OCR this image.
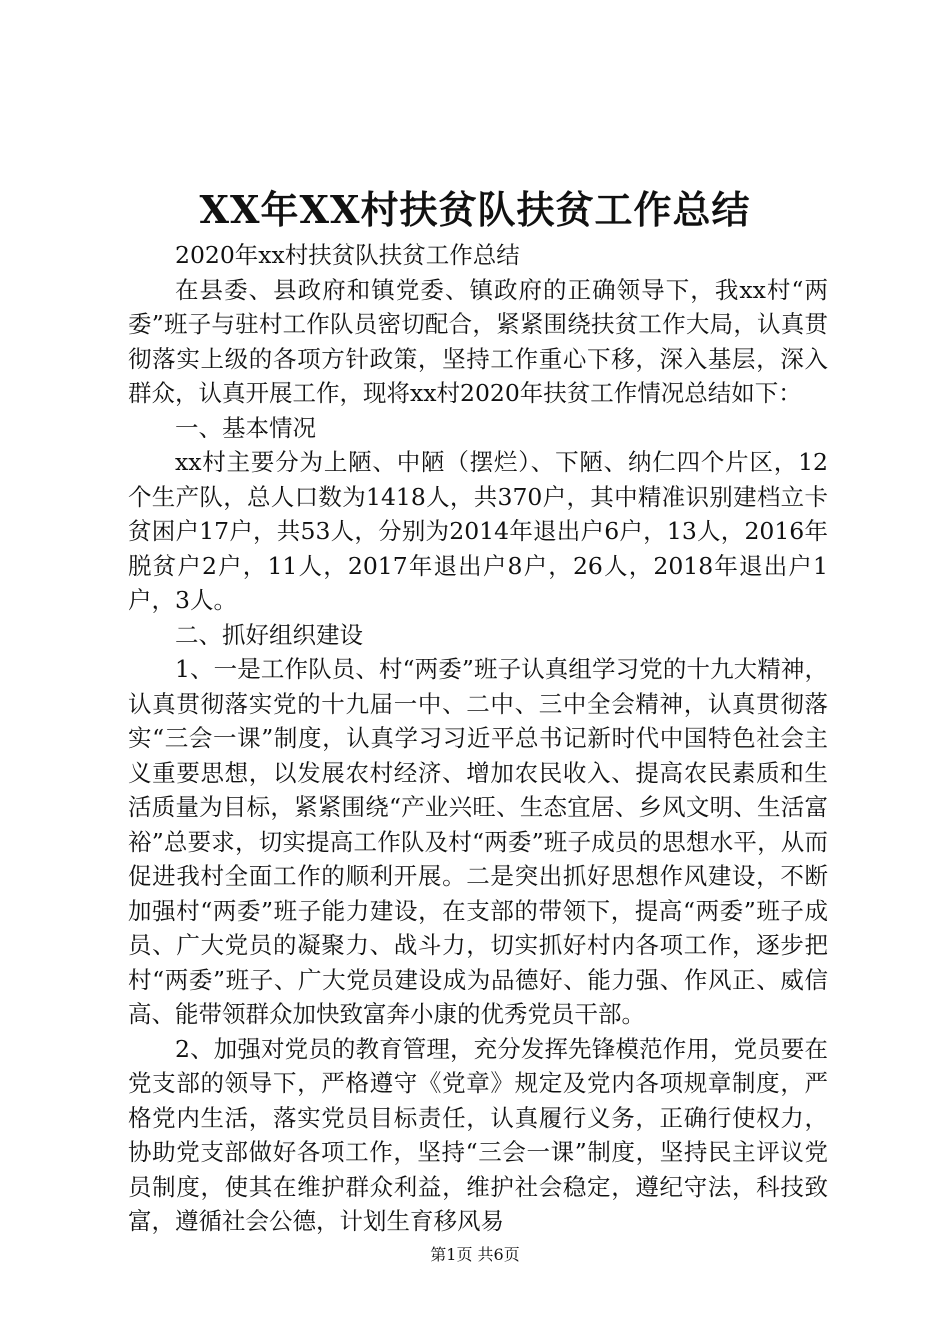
XX年XX村扶贫队扶贫工作总结

2020年xx村扶贫队扶贫工作总结

在县委、县政府和镇党委、镇政府的正确领导下，我xx村“两委”班子与驻村工作队员密切配合，紧紧围绕扶贫工作大局，认真贯彻落实上级的各项方针政策，坚持工作重心下移，深入基层，深入群众，认真开展工作，现将xx村2020年扶贫工作情况总结如下：

一、基本情况

xx村主要分为上陋、中陋（摆烂）、下陋、纳仁四个片区，12个生产队，总人口数为1418人，共370户，其中精准识别建档立卡贫困户17户，共53人，分别为2014年退出户6户，13人，2016年脱贫户2户，11人，2017年退出户8户，26人，2018年退出户1户，3人。

二、抓好组织建设

1、一是工作队员、村“两委”班子认真组学习党的十九大精神，认真贯彻落实党的十九届一中、二中、三中全会精神，认真贯彻落实“三会一课”制度，认真学习习近平总书记新时代中国特色社会主义重要思想，以发展农村经济、增加农民收入、提高农民素质和生活质量为目标，紧紧围绕“产业兴旺、生态宜居、乡风文明、生活富裕”总要求，切实提高工作队及村“两委”班子成员的思想水平，从而促进我村全面工作的顺利开展。二是突出抓好思想作风建设，不断加强村“两委”班子能力建设，在支部的带领下，提高“两委”班子成员、广大党员的凝聚力、战斗力，切实抓好村内各项工作，逐步把村“两委”班子、广大党员建设成为品德好、能力强、作风正、威信高、能带领群众加快致富奔小康的优秀党员干部。

2、加强对党员的教育管理，充分发挥先锋模范作用，党员要在党支部的领导下，严格遵守《党章》规定及党内各项规章制度，严格党内生活，落实党员目标责任，认真履行义务，正确行使权力，协助党支部做好各项工作，坚持“三会一课”制度，坚持民主评议党员制度，使其在维护群众利益，维护社会稳定，遵纪守法，科技致富，遵循社会公德，计划生育移风易

第1页 共6页
